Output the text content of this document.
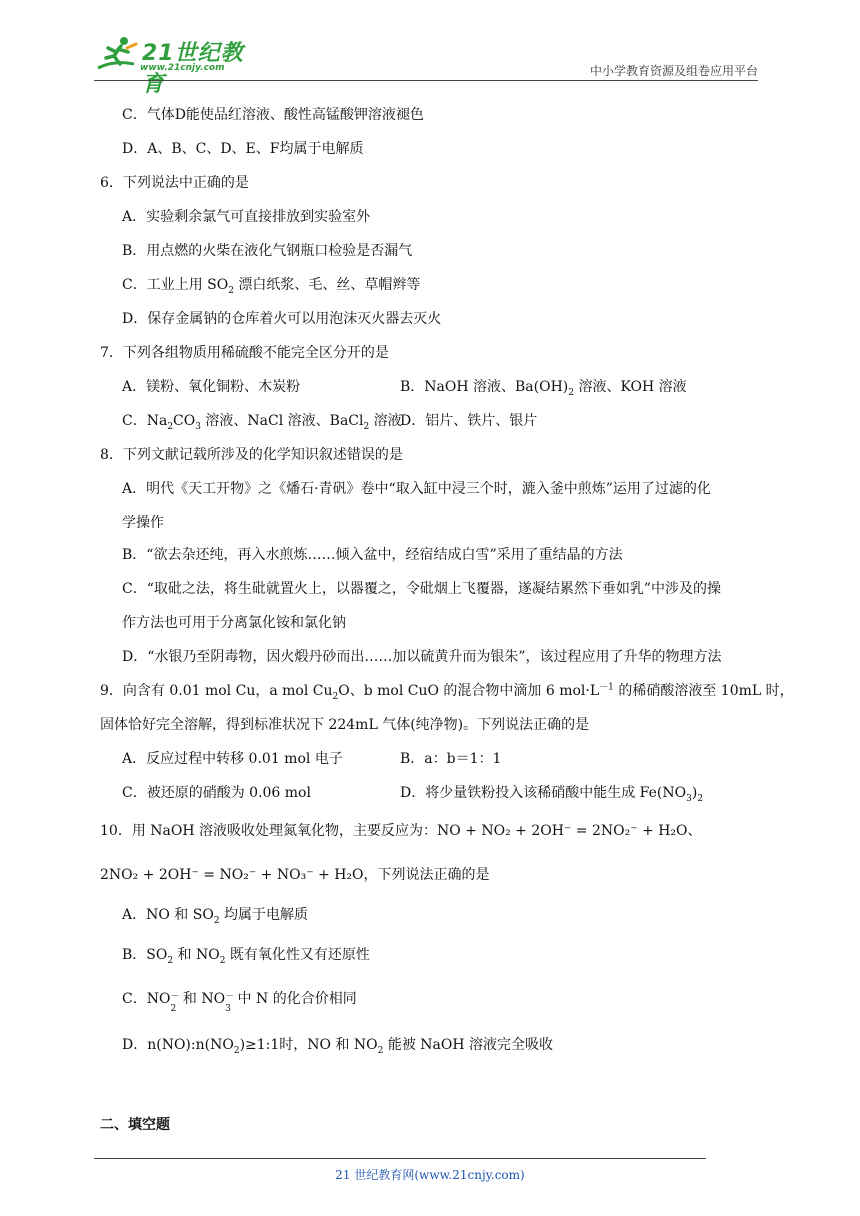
21世纪教育
www.21cnjy.com	中小学教育资源及组卷应用平台
C．气体D能使品红溶液、酸性高锰酸钾溶液褪色
D．A、B、C、D、E、F均属于电解质
6．下列说法中正确的是
A．实验剩余氯气可直接排放到实验室外
B．用点燃的火柴在液化气钢瓶口检验是否漏气
C．工业上用 $SO_2$ 漂白纸浆、毛、丝、草帽辫等
D．保存金属钠的仓库着火可以用泡沫灭火器去灭火
7．下列各组物质用稀硫酸不能完全区分开的是
A．镁粉、氧化铜粉、木炭粉	B．NaOH 溶液、$Ba(OH)_2$ 溶液、KOH 溶液
C．$Na_2CO_3$ 溶液、NaCl 溶液、BaCl$_2$ 溶液
D．铝片、铁片、银片
8．下列文献记载所涉及的化学知识叙述错误的是
A．明代《天工开物》之《燔石·青矾》卷中“取入缸中浸三个时，漉入釜中煎炼”运用了过滤的化
学操作
B．“欲去杂还纯，再入水煎炼……倾入盆中，经宿结成白雪”采用了重结晶的方法
C．“取砒之法，将生砒就置火上，以器覆之，令砒烟上飞覆器，遂凝结累然下垂如乳”中涉及的操
作方法也可用于分离氯化铵和氯化钠
D．“水银乃至阴毒物，因火煅丹砂而出……加以硫黄升而为银朱”，该过程应用了升华的物理方法
9．向含有 0.01 mol Cu，a mol $Cu_2O$、b mol CuO 的混合物中滴加 6 $mol\cdot L^{-1}$ 的稀硝酸溶液至 10mL 时，
固体恰好完全溶解，得到标准状况下 224mL 气体(纯净物)。下列说法正确的是
A．反应过程中转移 0.01 mol 电子	B．a：b＝1：1
C．被还原的硝酸为 0.06 mol	D．将少量铁粉投入该稀硝酸中能生成 $Fe(NO_3)_2$
10．用 NaOH 溶液吸收处理氮氧化物，主要反应为：NO + NO₂ + 2OH⁻ = 2NO₂⁻ + H₂O、
2NO₂ + 2OH⁻ = NO₂⁻ + NO₃⁻ + H₂O，下列说法正确的是
A．NO 和 $SO_2$ 均属于电解质
B．$SO_2$ 和 $NO_2$ 既有氧化性又有还原性
C．NO －
2
和 NO －
3
中 N 的化合价相同
D．$n(NO):n(NO_2)\ge 1:1$时，NO 和 $NO_2$ 能被 NaOH 溶液完全吸收
二、填空题
21 世纪教育网(www.21cnjy.com)
